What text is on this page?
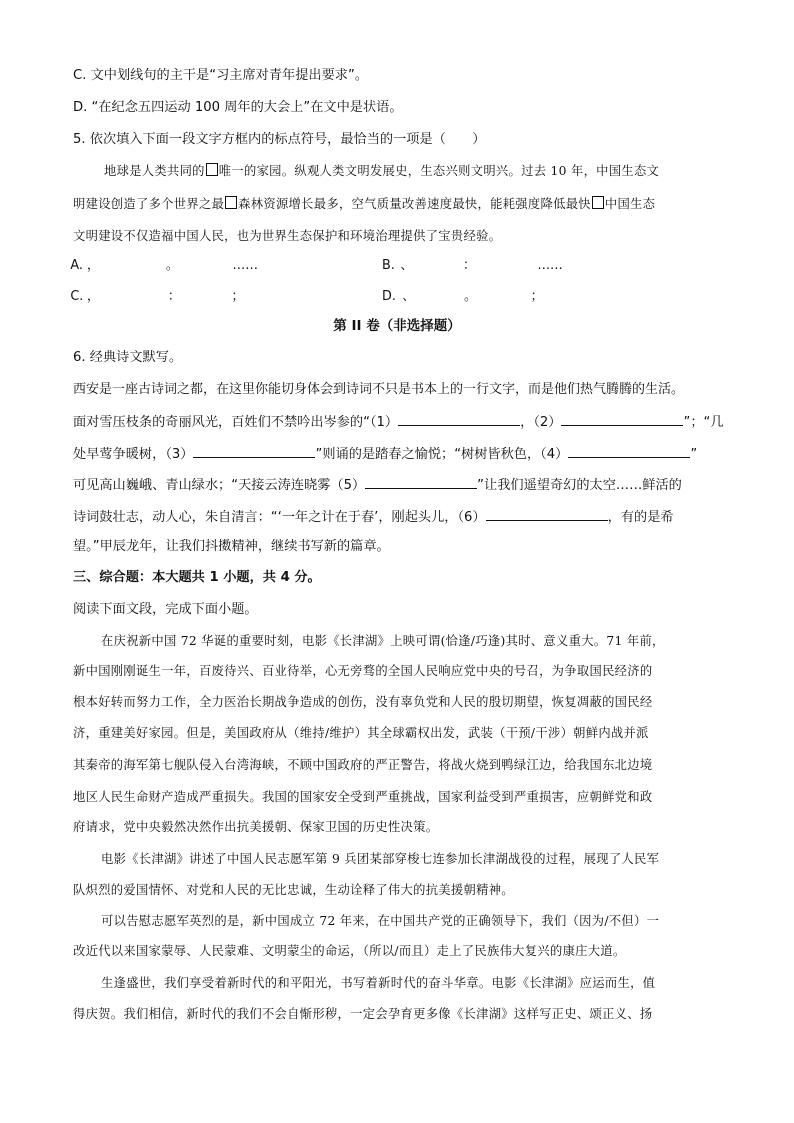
C. 文中划线句的主干是“习主席对青年提出要求”。
D. “在纪念五四运动 100 周年的大会上”在文中是状语。
5. 依次填入下面一段文字方框内的标点符号，最恰当的一项是（　　）
地球是人类共同的 唯一的家园。纵观人类文明发展史，生态兴则文明兴。过去 10 年，中国生态文
明建设创造了多个世界之最 森林资源增长最多，空气质量改善速度最快，能耗强度降低最快 中国生态
文明建设不仅造福中国人民，也为世界生态保护和环境治理提供了宝贵经验。
A. ，	。	……	B. 、	：	……
C. ，	：	；	D. 、	。	；
第 II 卷（非选择题）
6. 经典诗文默写。
西安是一座古诗词之都，在这里你能切身体会到诗词不只是书本上的一行文字，而是他们热气腾腾的生活。
面对雪压枝条的奇丽风光，百姓们不禁吟出岑参的“（1）	，（2）	”；“几
处早莺争暖树，（3）	”则诵的是踏春之愉悦；“树树皆秋色，（4）	”
可见高山巍峨、青山绿水；“天接云涛连晓雾（5）	”让我们遥望奇幻的太空……鲜活的
诗词鼓壮志，动人心，朱自清言：“‘一年之计在于春’，刚起头儿，（6）	，有的是希
望。”甲辰龙年，让我们抖擞精神，继续书写新的篇章。
三、综合题：本大题共 1 小题，共 4 分。
阅读下面文段，完成下面小题。
在庆祝新中国 72 华诞的重要时刻，电影《长津湖》上映可谓(恰逢/巧逢)其时、意义重大。71 年前，
新中国刚刚诞生一年，百废待兴、百业待举，心无旁骛的全国人民响应党中央的号召，为争取国民经济的
根本好转而努力工作，全力医治长期战争造成的创伤，没有辜负党和人民的殷切期望，恢复凋蔽的国民经
济，重建美好家园。但是，美国政府从（维持/维护）其全球霸权出发，武装（干预/干涉）朝鲜内战并派
其秦帝的海军第七舰队侵入台湾海峡，不顾中国政府的严正警告，将战火烧到鸭绿江边，给我国东北边境
地区人民生命财产造成严重损失。我国的国家安全受到严重挑战，国家利益受到严重损害，应朝鲜党和政
府请求，党中央毅然决然作出抗美援朝、保家卫国的历史性决策。
电影《长津湖》讲述了中国人民志愿军第 9 兵团某部穿梭七连参加长津湖战役的过程，展现了人民军
队炽烈的爱国情怀、对党和人民的无比忠诚，生动诠释了伟大的抗美援朝精神。
可以告慰志愿军英烈的是，新中国成立 72 年来，在中国共产党的正确领导下，我们（因为/不但）一
改近代以来国家蒙辱、人民蒙难、文明蒙尘的命运，（所以/而且）走上了民族伟大复兴的康庄大道。
生逢盛世，我们享受着新时代的和平阳光，书写着新时代的奋斗华章。电影《长津湖》应运而生，值
得庆贺。我们相信，新时代的我们不会自惭形秽，一定会孕育更多像《长津湖》这样写正史、颂正义、扬
